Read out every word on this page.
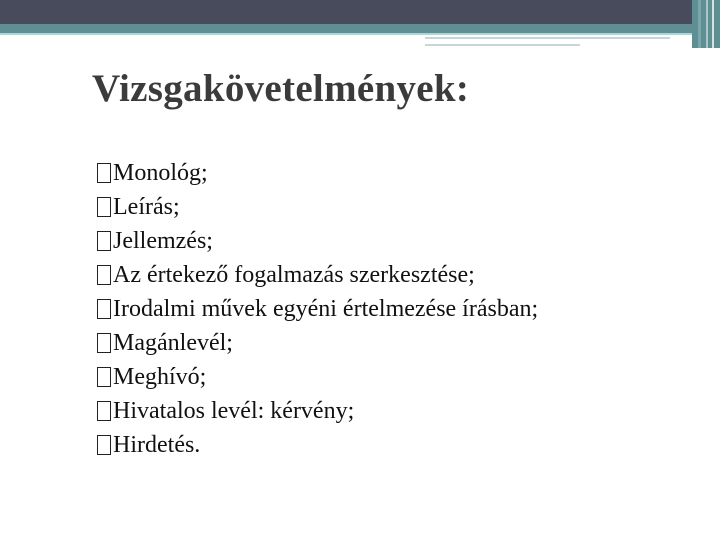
Vizsgakövetelmények:
Monológ;
Leírás;
Jellemzés;
Az értekező fogalmazás szerkesztése;
Irodalmi művek egyéni értelmezése írásban;
Magánlevél;
Meghívó;
Hivatalos levél: kérvény;
Hirdetés.
